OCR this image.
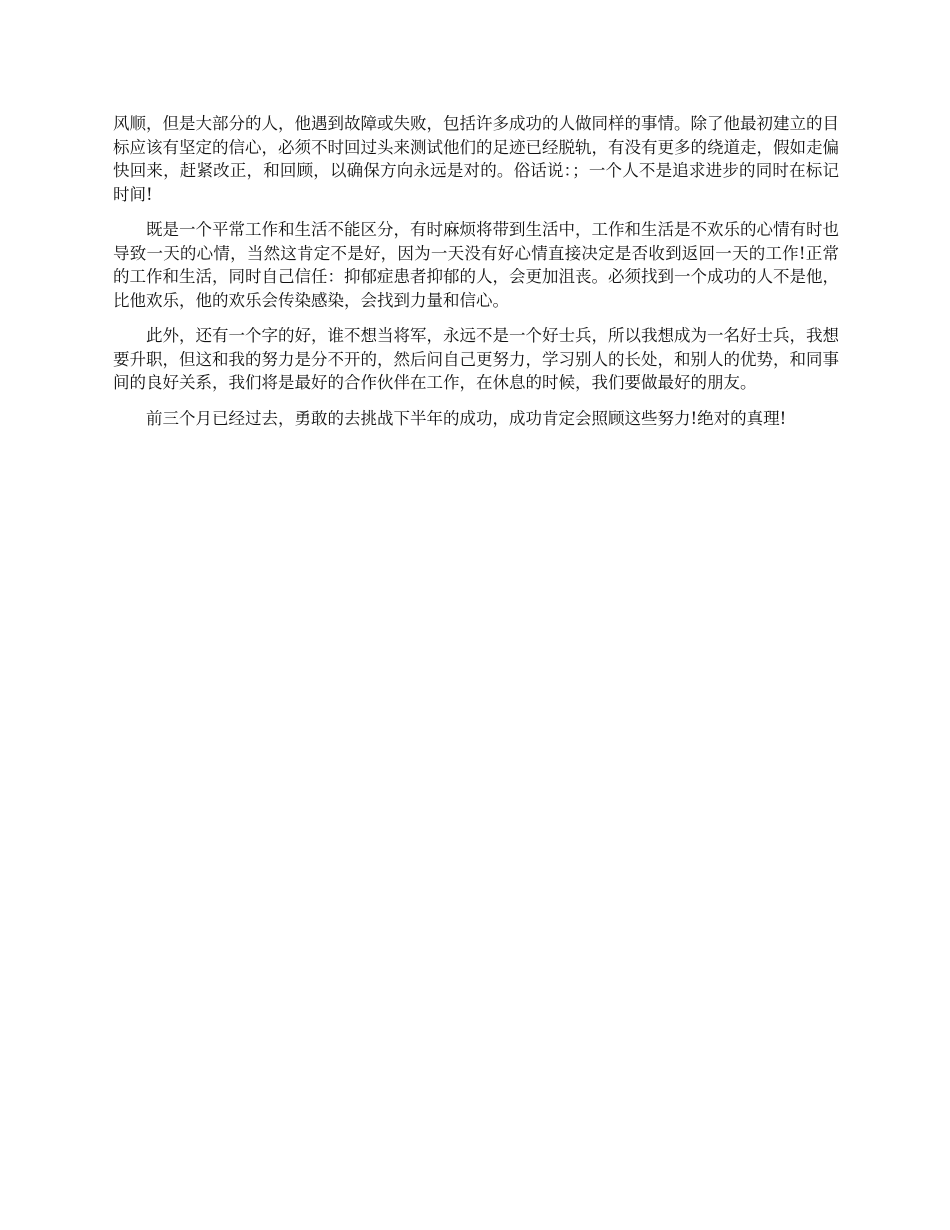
风顺，但是大部分的人，他遇到故障或失败，包括许多成功的人做同样的事情。除了他最初建立的目标应该有坚定的信心，必须不时回过头来测试他们的足迹已经脱轨，有没有更多的绕道走，假如走偏快回来，赶紧改正，和回顾，以确保方向永远是对的。俗话说：；一个人不是追求进步的同时在标记时间!

既是一个平常工作和生活不能区分，有时麻烦将带到生活中，工作和生活是不欢乐的心情有时也导致一天的心情，当然这肯定不是好，因为一天没有好心情直接决定是否收到返回一天的工作!正常的工作和生活，同时自己信任：抑郁症患者抑郁的人，会更加沮丧。必须找到一个成功的人不是他，比他欢乐，他的欢乐会传染感染，会找到力量和信心。

此外，还有一个字的好，谁不想当将军，永远不是一个好士兵，所以我想成为一名好士兵，我想要升职，但这和我的努力是分不开的，然后问自己更努力，学习别人的长处，和别人的优势，和同事间的良好关系，我们将是最好的合作伙伴在工作，在休息的时候，我们要做最好的朋友。

前三个月已经过去，勇敢的去挑战下半年的成功，成功肯定会照顾这些努力!绝对的真理!
